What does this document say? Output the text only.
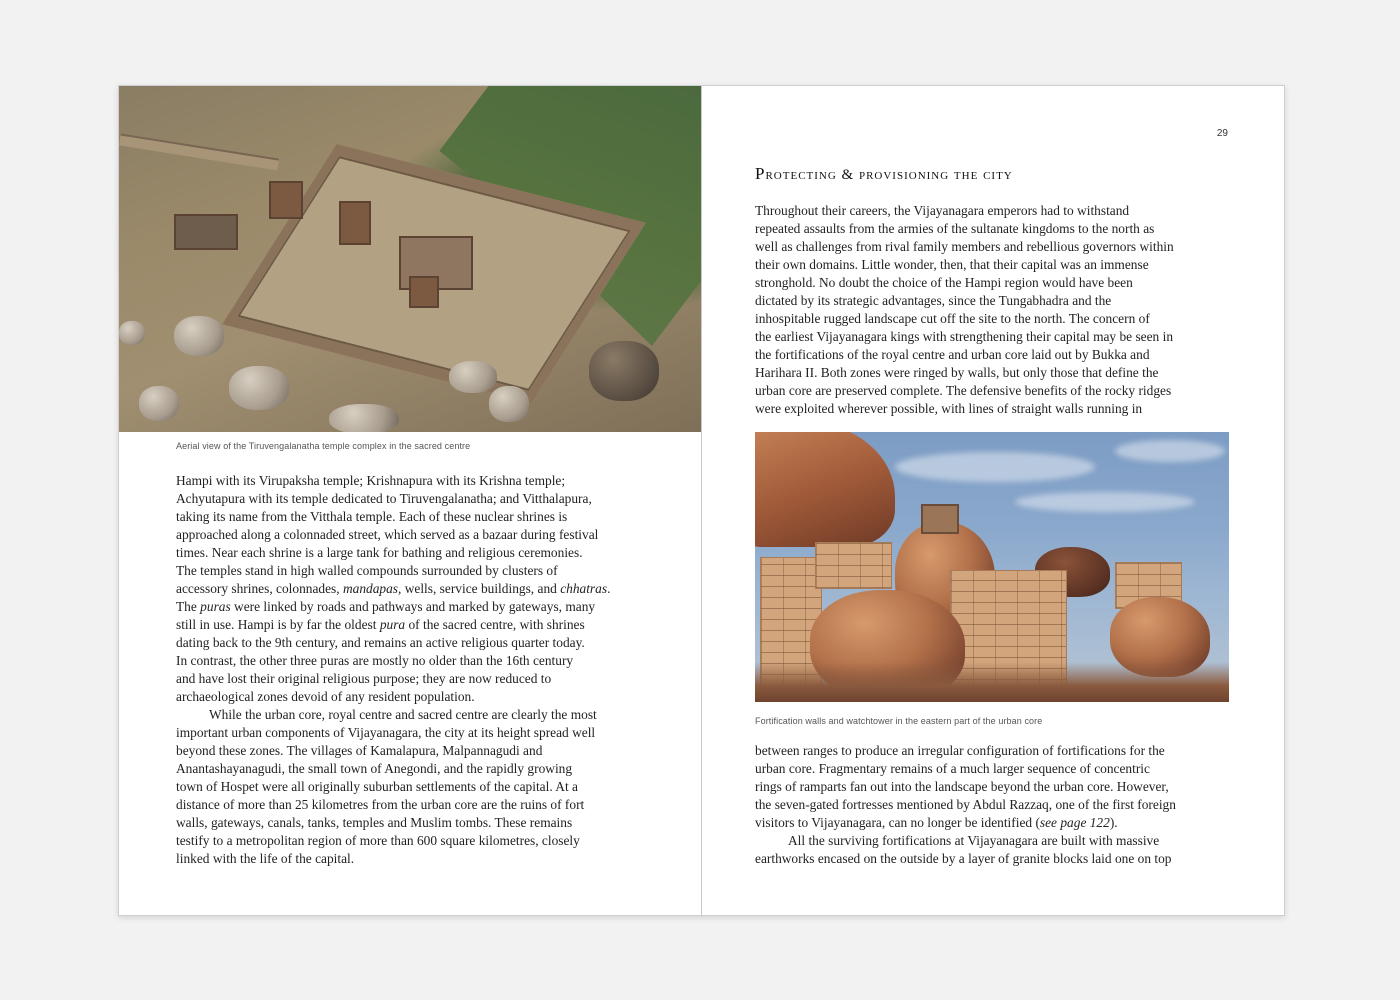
Aerial view of the Tiruvengalanatha temple complex in the sacred centre
Hampi with its Virupaksha temple; Krishnapura with its Krishna temple;
Achyutapura with its temple dedicated to Tiruvengalanatha; and Vitthalapura,
taking its name from the Vitthala temple. Each of these nuclear shrines is
approached along a colonnaded street, which served as a bazaar during festival
times. Near each shrine is a large tank for bathing and religious ceremonies.
The temples stand in high walled compounds surrounded by clusters of
accessory shrines, colonnades, mandapas, wells, service buildings, and chhatras.
The puras were linked by roads and pathways and marked by gateways, many
still in use. Hampi is by far the oldest pura of the sacred centre, with shrines
dating back to the 9th century, and remains an active religious quarter today.
In contrast, the other three puras are mostly no older than the 16th century
and have lost their original religious purpose; they are now reduced to
archaeological zones devoid of any resident population.
While the urban core, royal centre and sacred centre are clearly the most
important urban components of Vijayanagara, the city at its height spread well
beyond these zones. The villages of Kamalapura, Malpannagudi and
Anantashayanagudi, the small town of Anegondi, and the rapidly growing
town of Hospet were all originally suburban settlements of the capital. At a
distance of more than 25 kilometres from the urban core are the ruins of fort
walls, gateways, canals, tanks, temples and Muslim tombs. These remains
testify to a metropolitan region of more than 600 square kilometres, closely
linked with the life of the capital.
29
Protecting & provisioning the city
Throughout their careers, the Vijayanagara emperors had to withstand
repeated assaults from the armies of the sultanate kingdoms to the north as
well as challenges from rival family members and rebellious governors within
their own domains. Little wonder, then, that their capital was an immense
stronghold. No doubt the choice of the Hampi region would have been
dictated by its strategic advantages, since the Tungabhadra and the
inhospitable rugged landscape cut off the site to the north. The concern of
the earliest Vijayanagara kings with strengthening their capital may be seen in
the fortifications of the royal centre and urban core laid out by Bukka and
Harihara II. Both zones were ringed by walls, but only those that define the
urban core are preserved complete. The defensive benefits of the rocky ridges
were exploited wherever possible, with lines of straight walls running in
Fortification walls and watchtower in the eastern part of the urban core
between ranges to produce an irregular configuration of fortifications for the
urban core. Fragmentary remains of a much larger sequence of concentric
rings of ramparts fan out into the landscape beyond the urban core. However,
the seven-gated fortresses mentioned by Abdul Razzaq, one of the first foreign
visitors to Vijayanagara, can no longer be identified (see page 122).
All the surviving fortifications at Vijayanagara are built with massive
earthworks encased on the outside by a layer of granite blocks laid one on top
